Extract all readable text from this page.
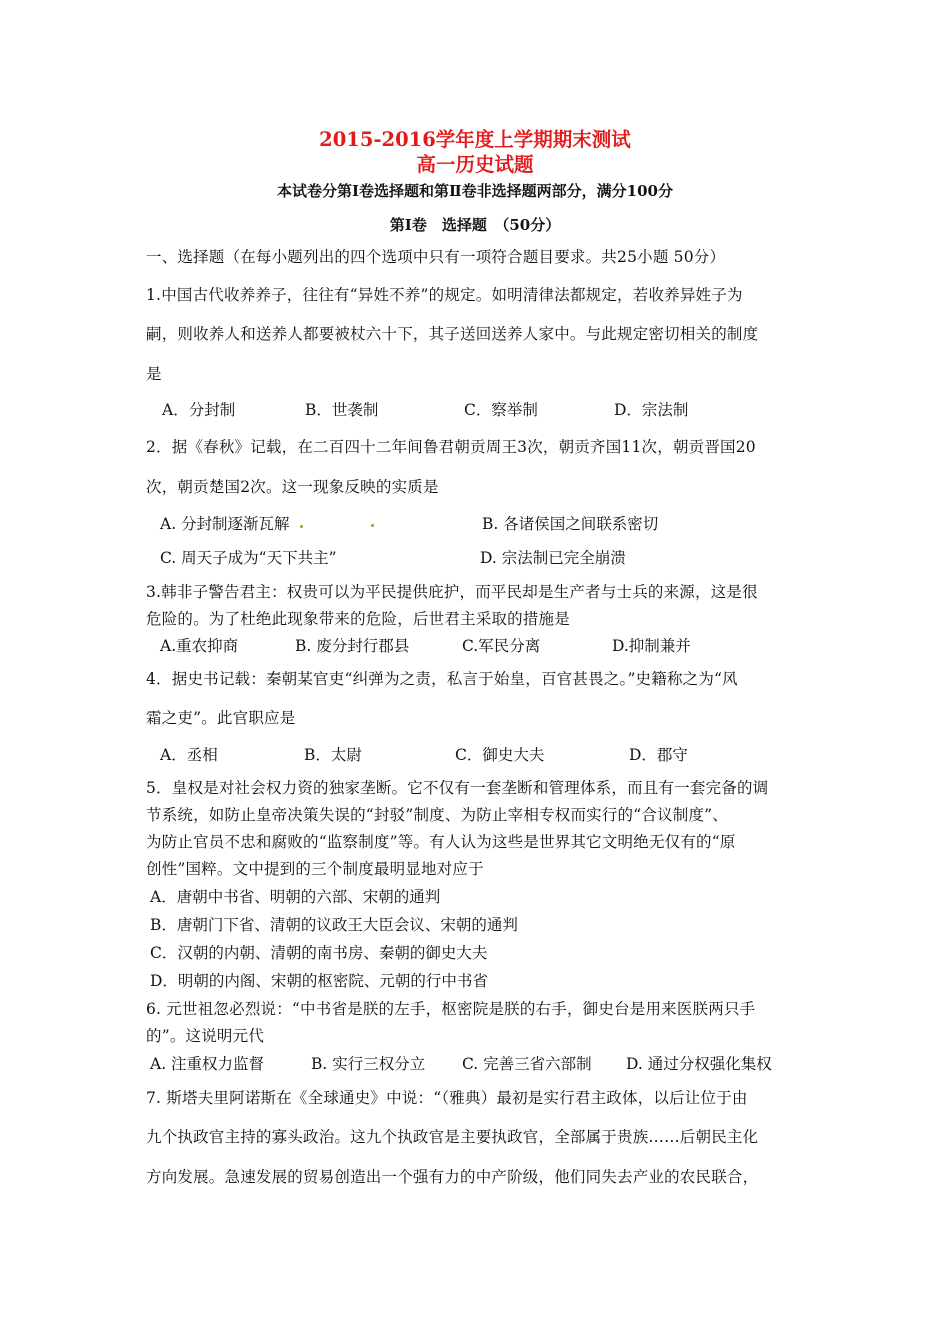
2015-2016学年度上学期期末测试
高一历史试题
本试卷分第Ⅰ卷选择题和第Ⅱ卷非选择题两部分，满分100分
第Ⅰ卷　选择题　（50分）
一、选择题（在每小题列出的四个选项中只有一项符合题目要求。共25小题 50分）
1.中国古代收养养子，往往有“异姓不养”的规定。如明清律法都规定，若收养异姓子为
嗣，则收养人和送养人都要被杖六十下，其子送回送养人家中。与此规定密切相关的制度
是
A．分封制	B．世袭制	C．察举制	D．宗法制
2．据《春秋》记载，在二百四十二年间鲁君朝贡周王3次，朝贡齐国11次，朝贡晋国20
次，朝贡楚国2次。这一现象反映的实质是
A. 分封制逐渐瓦解	B. 各诸侯国之间联系密切
C. 周天子成为“天下共主”	D. 宗法制已完全崩溃
3.韩非子警告君主：权贵可以为平民提供庇护，而平民却是生产者与士兵的来源，这是很
危险的。为了杜绝此现象带来的危险，后世君主采取的措施是
A.重农抑商	B. 废分封行郡县	C.军民分离	D.抑制兼并
4．据史书记载：秦朝某官吏“纠弹为之责，私言于始皇，百官甚畏之。”史籍称之为“风
霜之吏”。此官职应是
A．丞相	B．太尉	C．御史大夫	D．郡守
5．皇权是对社会权力资的独家垄断。它不仅有一套垄断和管理体系，而且有一套完备的调
节系统，如防止皇帝决策失误的“封驳”制度、为防止宰相专权而实行的“合议制度”、
为防止官员不忠和腐败的“监察制度”等。有人认为这些是世界其它文明绝无仅有的“原
创性”国粹。文中提到的三个制度最明显地对应于
A．唐朝中书省、明朝的六部、宋朝的通判
B．唐朝门下省、清朝的议政王大臣会议、宋朝的通判
C．汉朝的内朝、清朝的南书房、秦朝的御史大夫
D．明朝的内阁、宋朝的枢密院、元朝的行中书省
6. 元世祖忽必烈说：“中书省是朕的左手，枢密院是朕的右手，御史台是用来医朕两只手
的”。这说明元代
A. 注重权力监督	B. 实行三权分立 C. 完善三省六部制 D. 通过分权强化集权
7. 斯塔夫里阿诺斯在《全球通史》中说：“（雅典）最初是实行君主政体，以后让位于由
九个执政官主持的寡头政治。这九个执政官是主要执政官，全部属于贵族……后朝民主化
方向发展。急速发展的贸易创造出一个强有力的中产阶级，他们同失去产业的农民联合，
